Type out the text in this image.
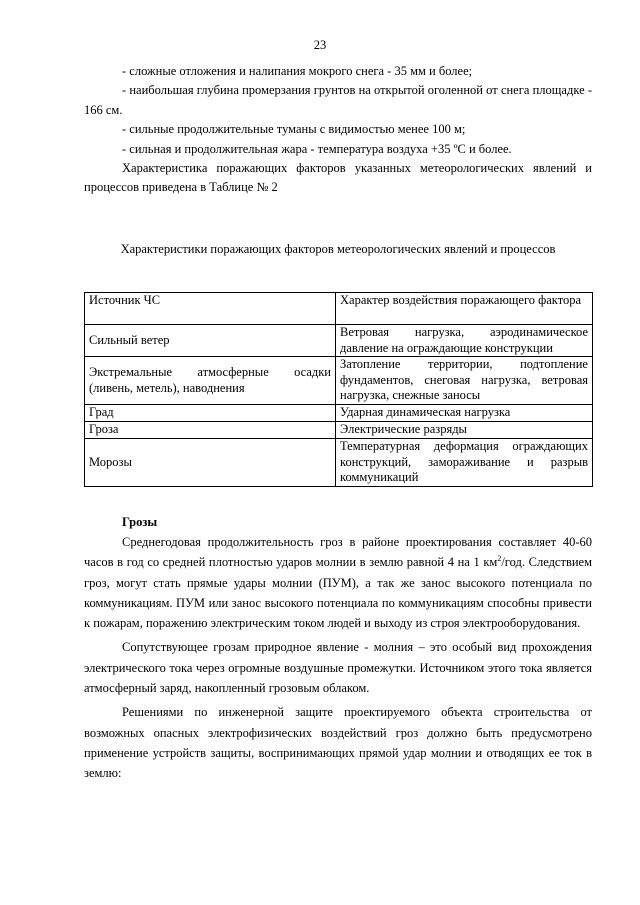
23

- сложные отложения и налипания мокрого снега - 35 мм и более;

- наибольшая глубина промерзания грунтов на открытой оголенной от снега площадке - 166 см.

- сильные продолжительные туманы с видимостью менее 100 м;

- сильная и продолжительная жара - температура воздуха +35 ºС и более.

Характеристика поражающих факторов указанных метеорологических явлений и процессов приведена в Таблице № 2

Характеристики поражающих факторов метеорологических явлений и процессов
Источник ЧС	Характер воздействия поражающего фактора
Сильный ветер	Ветровая нагрузка, аэродинамическое давление на ограждающие конструкции
Экстремальные атмосферные осадки (ливень, метель), наводнения	Затопление территории, подтопление фундаментов, снеговая нагрузка, ветровая нагрузка, снежные заносы
Град	Ударная динамическая нагрузка
Гроза	Электрические разряды
Морозы	Температурная деформация ограждающих конструкций, замораживание и разрыв коммуникаций
Грозы

Среднегодовая продолжительность гроз в районе проектирования составляет 40-60 часов в год со средней плотностью ударов молнии в землю равной 4 на 1 $км^2$/год. Следствием гроз, могут стать прямые удары молнии (ПУМ), а так же занос высокого потенциала по коммуникациям. ПУМ или занос высокого потенциала по коммуникациям способны привести к пожарам, поражению электрическим током людей и выходу из строя электрооборудования.

Сопутствующее грозам природное явление - молния – это особый вид прохождения электрического тока через огромные воздушные промежутки. Источником этого тока является атмосферный заряд, накопленный грозовым облаком.

Решениями по инженерной защите проектируемого объекта строительства от возможных опасных электрофизических воздействий гроз должно быть предусмотрено применение устройств защиты, воспринимающих прямой удар молнии и отводящих ее ток в землю:
